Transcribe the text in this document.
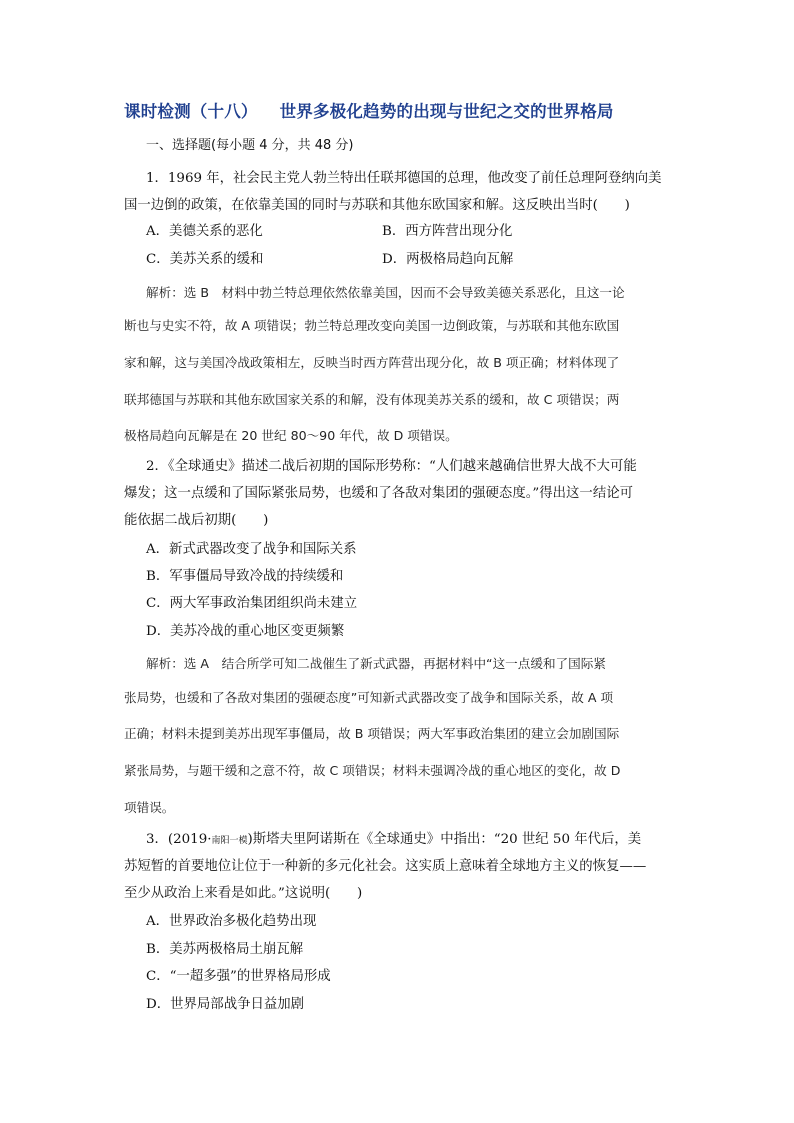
课时检测（十八） 世界多极化趋势的出现与世纪之交的世界格局
一、选择题(每小题 4 分，共 48 分)
1．1969 年，社会民主党人勃兰特出任联邦德国的总理，他改变了前任总理阿登纳向美
国一边倒的政策，在依靠美国的同时与苏联和其他东欧国家和解。这反映出当时(　　)
A．美德关系的恶化	B．西方阵营出现分化
C．美苏关系的缓和	D．两极格局趋向瓦解
解析：选 B　材料中勃兰特总理依然依靠美国，因而不会导致美德关系恶化，且这一论
断也与史实不符，故 A 项错误；勃兰特总理改变向美国一边倒政策，与苏联和其他东欧国
家和解，这与美国冷战政策相左，反映当时西方阵营出现分化，故 B 项正确；材料体现了
联邦德国与苏联和其他东欧国家关系的和解，没有体现美苏关系的缓和，故 C 项错误；两
极格局趋向瓦解是在 20 世纪 80～90 年代，故 D 项错误。
2．《全球通史》描述二战后初期的国际形势称：“人们越来越确信世界大战不大可能
爆发；这一点缓和了国际紧张局势，也缓和了各敌对集团的强硬态度。”得出这一结论可
能依据二战后初期(　　)
A．新式武器改变了战争和国际关系
B．军事僵局导致冷战的持续缓和
C．两大军事政治集团组织尚未建立
D．美苏冷战的重心地区变更频繁
解析：选 A　结合所学可知二战催生了新式武器，再据材料中“这一点缓和了国际紧
张局势，也缓和了各敌对集团的强硬态度”可知新式武器改变了战争和国际关系，故 A 项
正确；材料未提到美苏出现军事僵局，故 B 项错误；两大军事政治集团的建立会加剧国际
紧张局势，与题干缓和之意不符，故 C 项错误；材料未强调冷战的重心地区的变化，故 D
项错误。
3．(2019·南阳一模)斯塔夫里阿诺斯在《全球通史》中指出：“20 世纪 50 年代后，美
苏短暂的首要地位让位于一种新的多元化社会。这实质上意味着全球地方主义的恢复——
至少从政治上来看是如此。”这说明(　　)
A．世界政治多极化趋势出现
B．美苏两极格局土崩瓦解
C．“一超多强”的世界格局形成
D．世界局部战争日益加剧
